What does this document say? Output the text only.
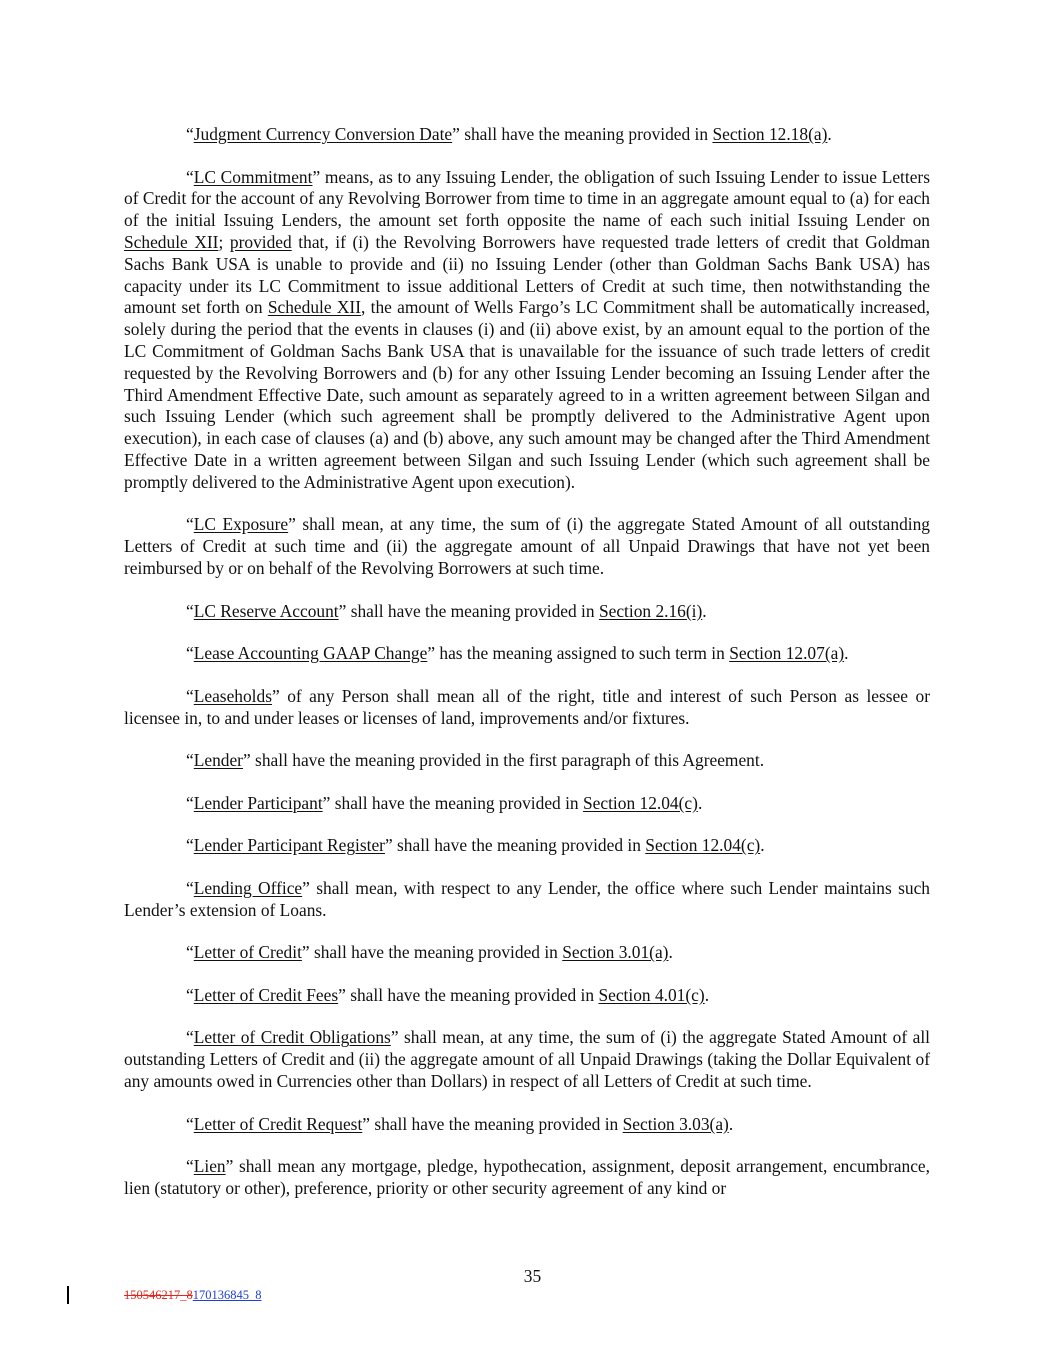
“Judgment Currency Conversion Date” shall have the meaning provided in Section 12.18(a).

“LC Commitment” means, as to any Issuing Lender, the obligation of such Issuing Lender to issue Letters of Credit for the account of any Revolving Borrower from time to time in an aggregate amount equal to (a) for each of the initial Issuing Lenders, the amount set forth opposite the name of each such initial Issuing Lender on Schedule XII; provided that, if (i) the Revolving Borrowers have requested trade letters of credit that Goldman Sachs Bank USA is unable to provide and (ii) no Issuing Lender (other than Goldman Sachs Bank USA) has capacity under its LC Commitment to issue additional Letters of Credit at such time, then notwithstanding the amount set forth on Schedule XII, the amount of Wells Fargo’s LC Commitment shall be automatically increased, solely during the period that the events in clauses (i) and (ii) above exist, by an amount equal to the portion of the LC Commitment of Goldman Sachs Bank USA that is unavailable for the issuance of such trade letters of credit requested by the Revolving Borrowers and (b) for any other Issuing Lender becoming an Issuing Lender after the Third Amendment Effective Date, such amount as separately agreed to in a written agreement between Silgan and such Issuing Lender (which such agreement shall be promptly delivered to the Administrative Agent upon execution), in each case of clauses (a) and (b) above, any such amount may be changed after the Third Amendment Effective Date in a written agreement between Silgan and such Issuing Lender (which such agreement shall be promptly delivered to the Administrative Agent upon execution).

“LC Exposure” shall mean, at any time, the sum of (i) the aggregate Stated Amount of all outstanding Letters of Credit at such time and (ii) the aggregate amount of all Unpaid Drawings that have not yet been reimbursed by or on behalf of the Revolving Borrowers at such time.

“LC Reserve Account” shall have the meaning provided in Section 2.16(i).

“Lease Accounting GAAP Change” has the meaning assigned to such term in Section 12.07(a).

“Leaseholds” of any Person shall mean all of the right, title and interest of such Person as lessee or licensee in, to and under leases or licenses of land, improvements and/or fixtures.

“Lender” shall have the meaning provided in the first paragraph of this Agreement.

“Lender Participant” shall have the meaning provided in Section 12.04(c).

“Lender Participant Register” shall have the meaning provided in Section 12.04(c).

“Lending Office” shall mean, with respect to any Lender, the office where such Lender maintains such Lender’s extension of Loans.

“Letter of Credit” shall have the meaning provided in Section 3.01(a).

“Letter of Credit Fees” shall have the meaning provided in Section 4.01(c).

“Letter of Credit Obligations” shall mean, at any time, the sum of (i) the aggregate Stated Amount of all outstanding Letters of Credit and (ii) the aggregate amount of all Unpaid Drawings (taking the Dollar Equivalent of any amounts owed in Currencies other than Dollars) in respect of all Letters of Credit at such time.

“Letter of Credit Request” shall have the meaning provided in Section 3.03(a).

“Lien” shall mean any mortgage, pledge, hypothecation, assignment, deposit arrangement, encumbrance, lien (statutory or other), preference, priority or other security agreement of any kind or

35
150546217_8170136845_8
